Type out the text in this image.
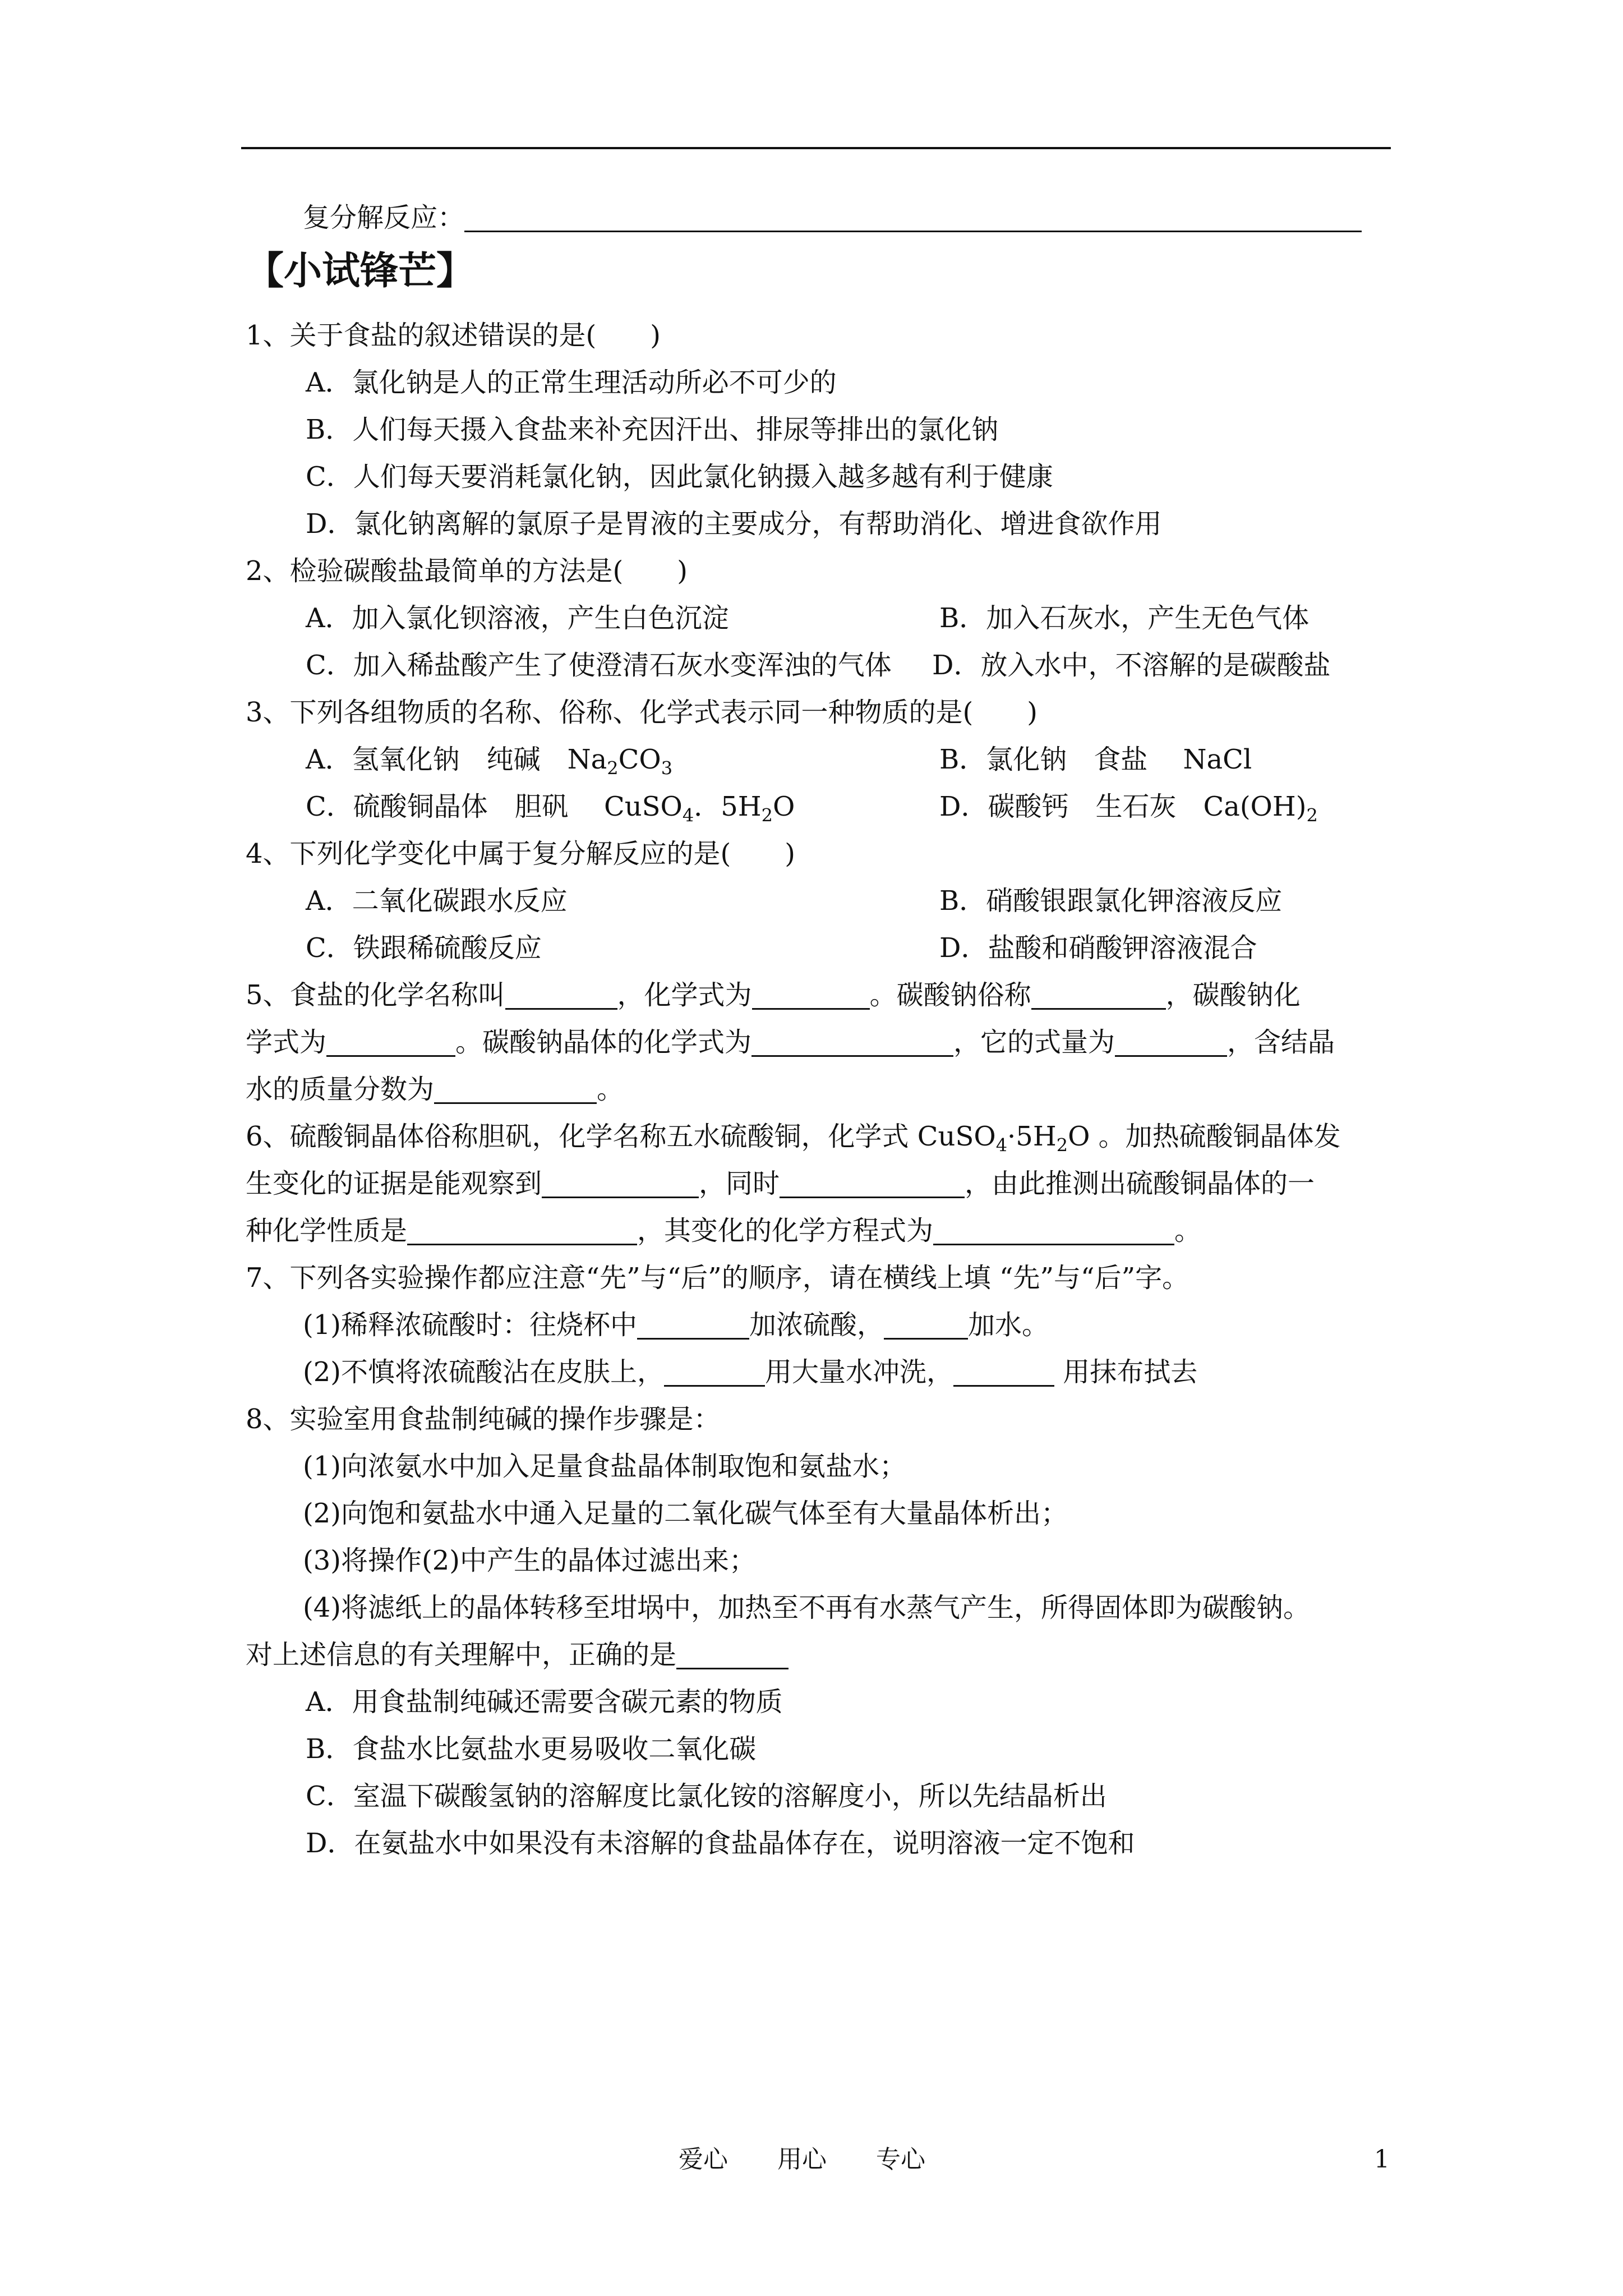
复分解反应：
【小试锋芒】
1、关于食盐的叙述错误的是(　　)
A．氯化钠是人的正常生理活动所必不可少的
B．人们每天摄入食盐来补充因汗出、排尿等排出的氯化钠
C．人们每天要消耗氯化钠，因此氯化钠摄入越多越有利于健康
D．氯化钠离解的氯原子是胃液的主要成分，有帮助消化、增进食欲作用
2、检验碳酸盐最简单的方法是(　　)
A．加入氯化钡溶液，产生白色沉淀	B．加入石灰水，产生无色气体
C．加入稀盐酸产生了使澄清石灰水变浑浊的气体 D．放入水中，不溶解的是碳酸盐
3、下列各组物质的名称、俗称、化学式表示同一种物质的是(　　)
A．氢氧化钠　纯碱　$Na_2CO_3$	B．氯化钠　食盐　 NaCl
C．硫酸铜晶体　胆矾　 CuSO$_4$．$5H_2O$	D．碳酸钙　生石灰　$Ca(OH)_2$
4、下列化学变化中属于复分解反应的是(　　)
A．二氧化碳跟水反应	B．硝酸银跟氯化钾溶液反应
C．铁跟稀硫酸反应	D．盐酸和硝酸钾溶液混合
5、食盐的化学名称叫	，化学式为	。碳酸钠俗称	，碳酸钠化
学式为	。碳酸钠晶体的化学式为	，它的式量为	，含结晶
水的质量分数为	。
6、硫酸铜晶体俗称胆矾，化学名称五水硫酸铜，化学式 $CuSO_4\cdot 5H_2O$ 。加热硫酸铜晶体发
生变化的证据是能观察到	，同时	，由此推测出硫酸铜晶体的一
种化学性质是	，其变化的化学方程式为	。
7、下列各实验操作都应注意“先”与“后”的顺序，请在横线上填 “先”与“后”字。
(1)稀释浓硫酸时：往烧杯中	加浓硫酸，	加水。
(2)不慎将浓硫酸沾在皮肤上，	用大量水冲洗，	用抹布拭去
8、实验室用食盐制纯碱的操作步骤是：
(1)向浓氨水中加入足量食盐晶体制取饱和氨盐水；
(2)向饱和氨盐水中通入足量的二氧化碳气体至有大量晶体析出；
(3)将操作(2)中产生的晶体过滤出来；
(4)将滤纸上的晶体转移至坩埚中，加热至不再有水蒸气产生，所得固体即为碳酸钠。
对上述信息的有关理解中，正确的是
A．用食盐制纯碱还需要含碳元素的物质
B．食盐水比氨盐水更易吸收二氧化碳
C．室温下碳酸氢钠的溶解度比氯化铵的溶解度小，所以先结晶析出
D．在氨盐水中如果没有未溶解的食盐晶体存在，说明溶液一定不饱和
爱心　　用心　　专心	1
